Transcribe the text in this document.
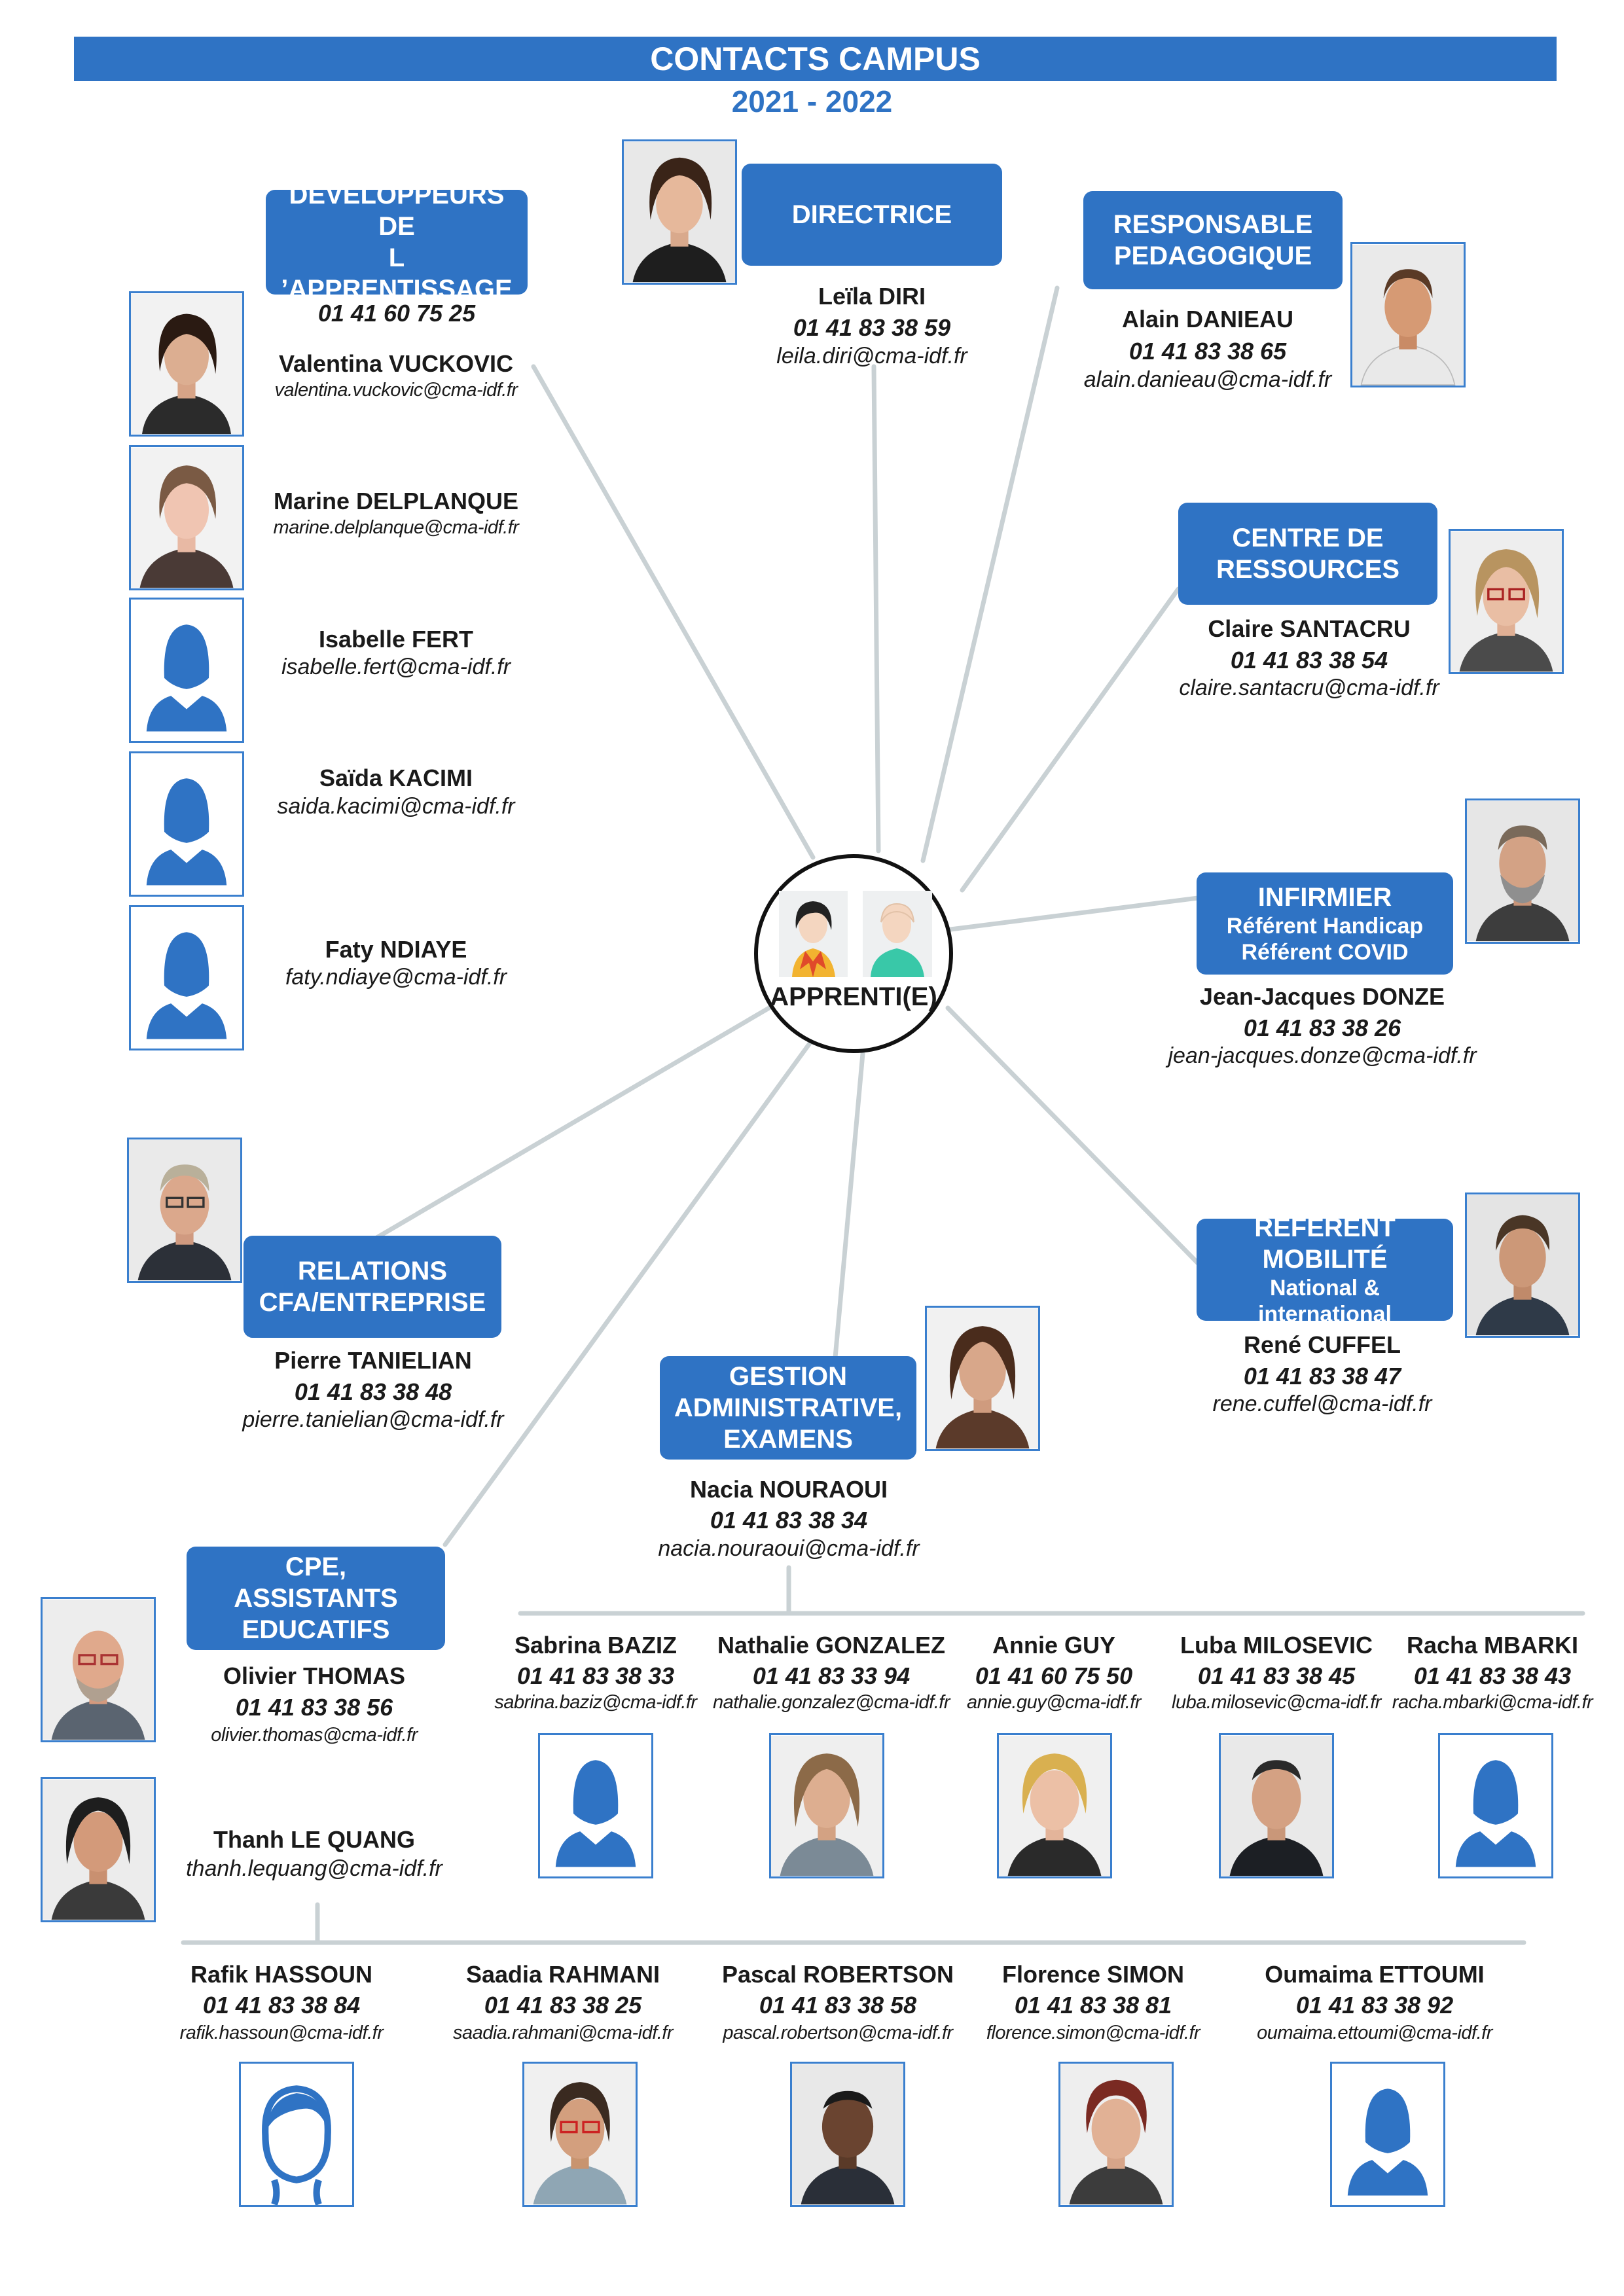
CONTACTS CAMPUS
2021 - 2022
APPRENTI(E)
DEVELOPPEURS
DE
L ’APPRENTISSAGE
01 41 60 75 25
Valentina VUCKOVIC
valentina.vuckovic@cma-idf.fr
Marine DELPLANQUE
marine.delplanque@cma-idf.fr
Isabelle FERT
isabelle.fert@cma-idf.fr
Saïda KACIMI
saida.kacimi@cma-idf.fr
Faty NDIAYE
faty.ndiaye@cma-idf.fr
DIRECTRICE
Leïla DIRI
01 41 83 38 59
leila.diri@cma-idf.fr
RESPONSABLE
PEDAGOGIQUE
Alain DANIEAU
01 41 83 38 65
alain.danieau@cma-idf.fr
CENTRE DE
RESSOURCES
Claire SANTACRU
01 41 83 38 54
claire.santacru@cma-idf.fr
INFIRMIER
Référent Handicap
Référent COVID
Jean-Jacques DONZE
01 41 83 38 26
jean-jacques.donze@cma-idf.fr
RÉFÉRENT MOBILITÉ
National &
international
René CUFFEL
01 41 83 38 47
rene.cuffel@cma-idf.fr
RELATIONS
CFA/ENTREPRISE
Pierre TANIELIAN
01 41 83 38 48
pierre.tanielian@cma-idf.fr
GESTION
ADMINISTRATIVE,
EXAMENS
Nacia NOURAOUI
01 41 83 38 34
nacia.nouraoui@cma-idf.fr
Sabrina BAZIZ
01 41 83 38 33
sabrina.baziz@cma-idf.fr
Nathalie GONZALEZ
01 41 83 33 94
nathalie.gonzalez@cma-idf.fr
Annie GUY
01 41 60 75 50
annie.guy@cma-idf.fr
Luba MILOSEVIC
01 41 83 38 45
luba.milosevic@cma-idf.fr
Racha MBARKI
01 41 83 38 43
racha.mbarki@cma-idf.fr
CPE,
ASSISTANTS
EDUCATIFS
Olivier THOMAS
01 41 83 38 56
olivier.thomas@cma-idf.fr
Thanh LE QUANG
thanh.lequang@cma-idf.fr
Rafik HASSOUN
01 41 83 38 84
rafik.hassoun@cma-idf.fr
Saadia RAHMANI
01 41 83 38 25
saadia.rahmani@cma-idf.fr
Pascal ROBERTSON
01 41 83 38 58
pascal.robertson@cma-idf.fr
Florence SIMON
01 41 83 38 81
florence.simon@cma-idf.fr
Oumaima ETTOUMI
01 41 83 38 92
oumaima.ettoumi@cma-idf.fr
